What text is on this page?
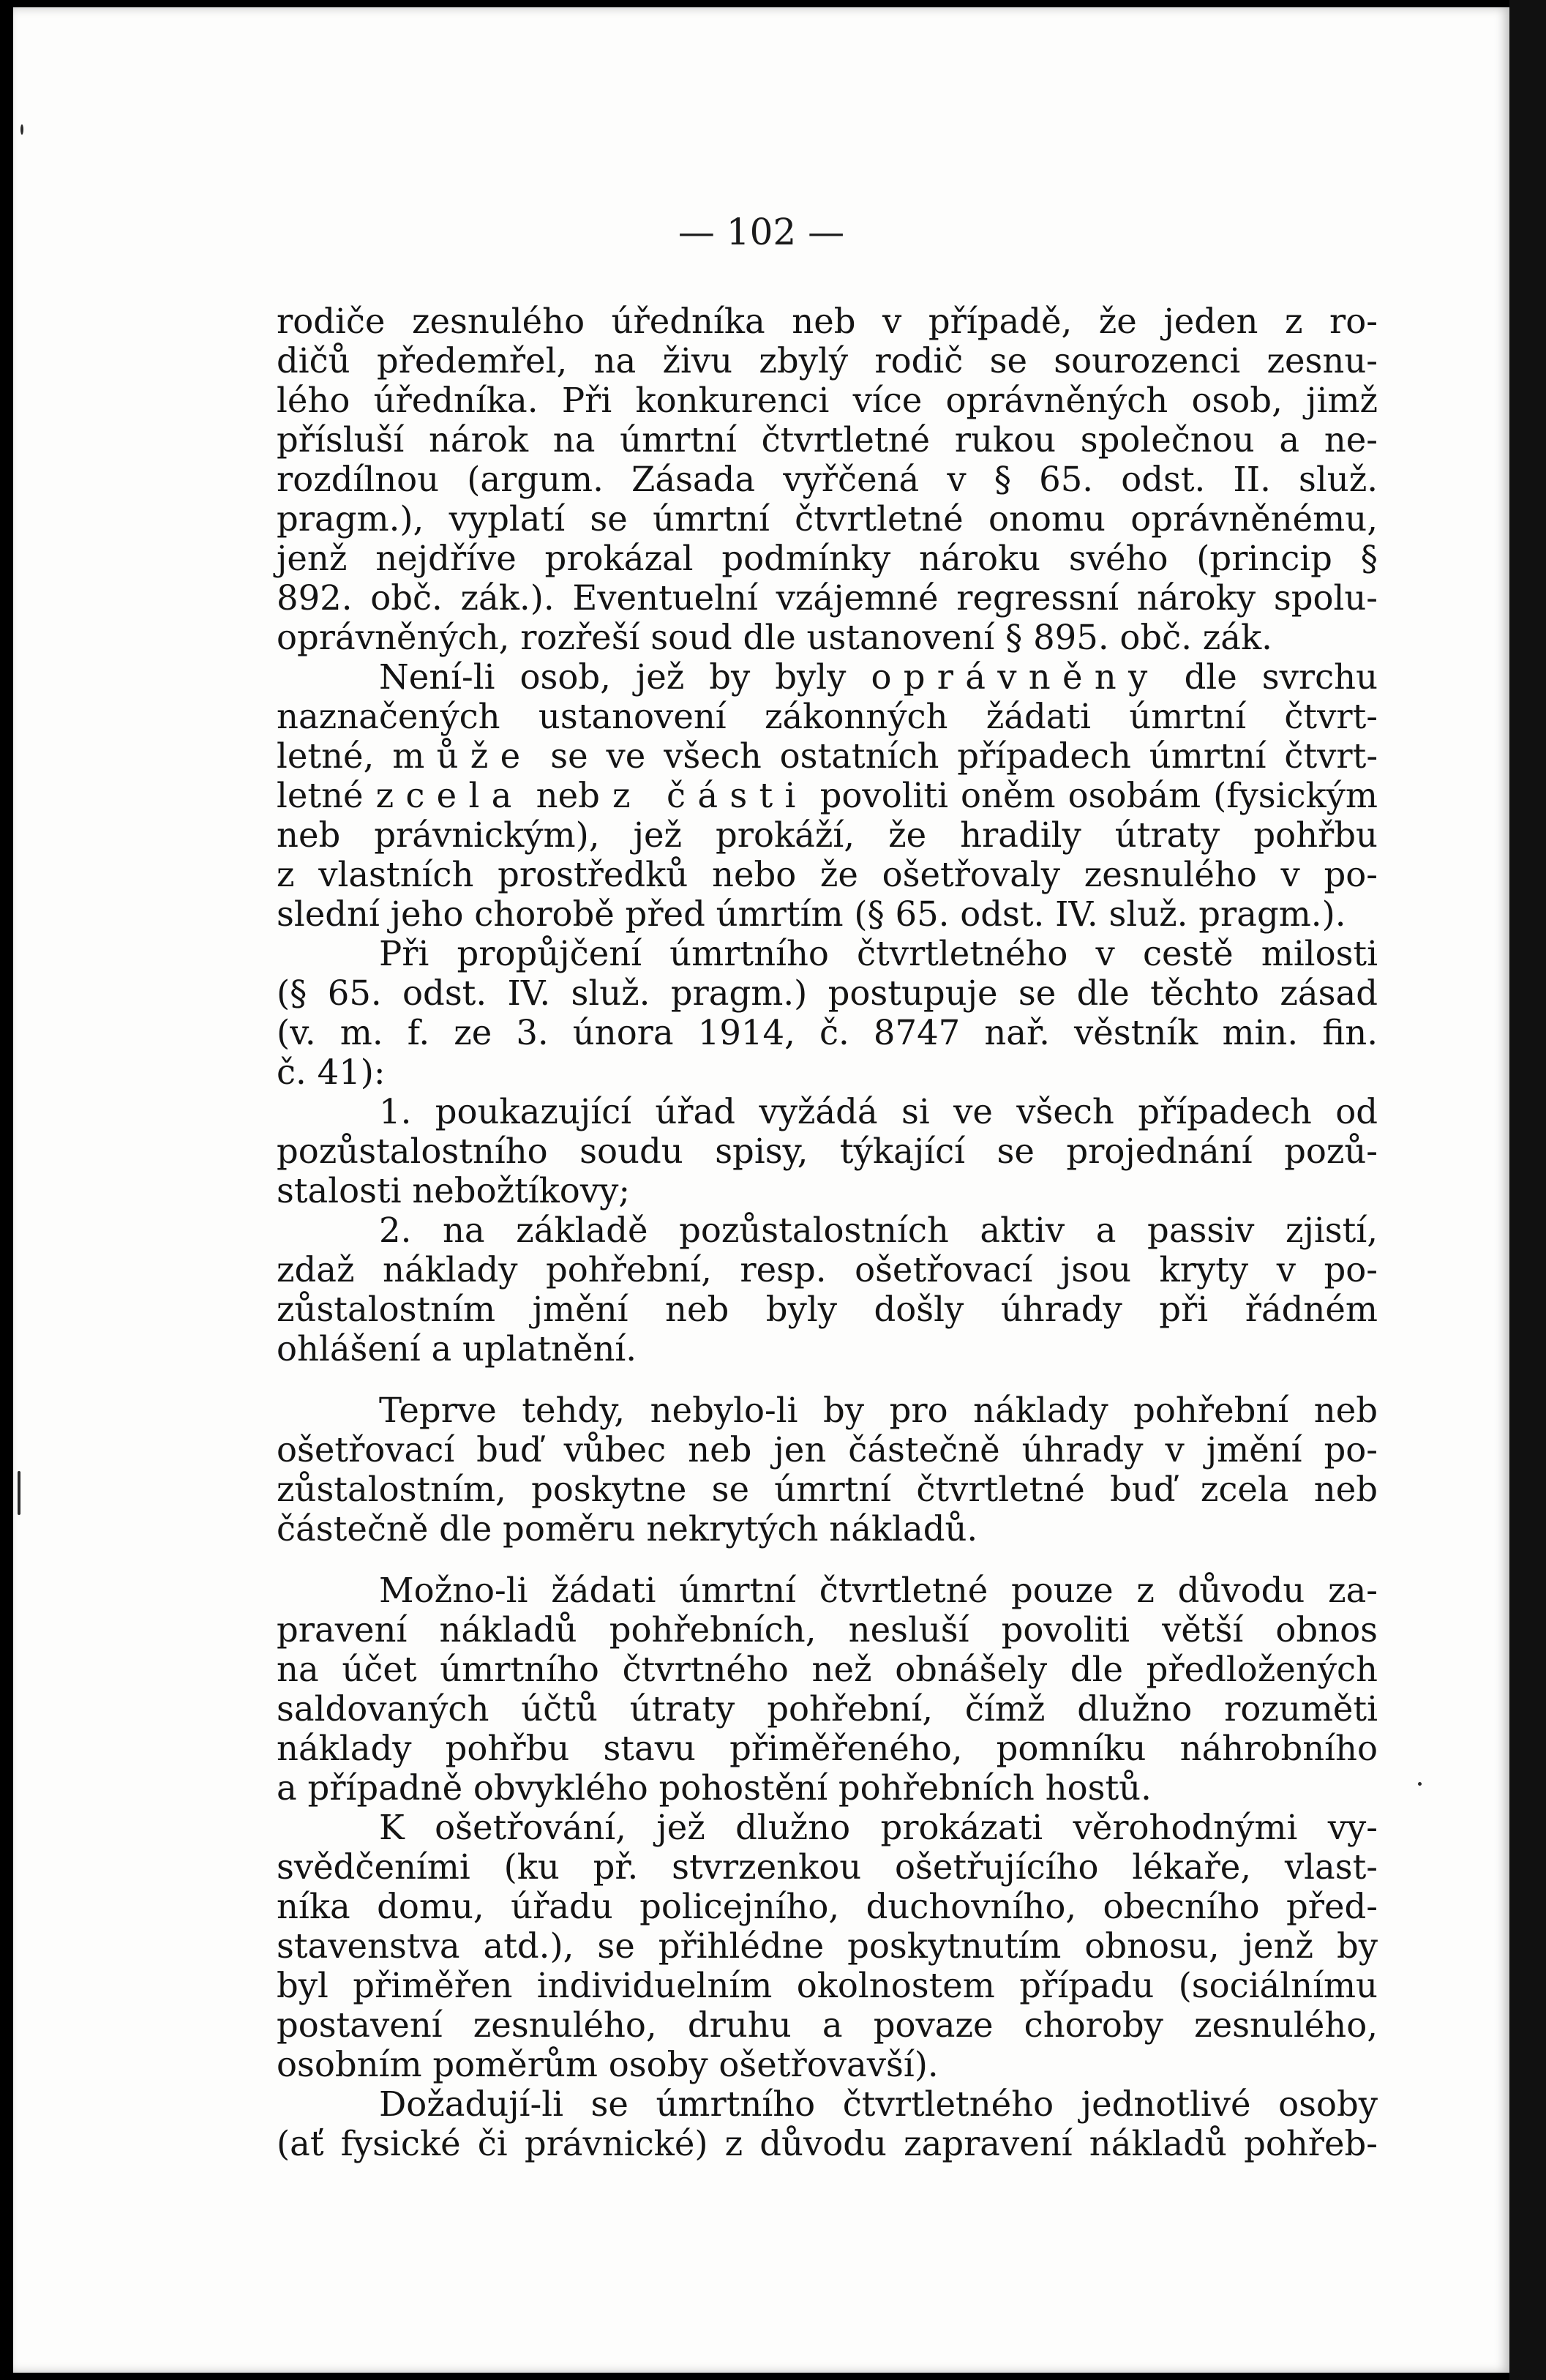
— 102 —

rodiče zesnulého úředníka neb v případě, že jeden z ro-
dičů předemřel, na živu zbylý rodič se sourozenci zesnu-
lého úředníka. Při konkurenci více oprávněných osob, jimž
přísluší nárok na úmrtní čtvrtletné rukou společnou a ne-
rozdílnou (argum. Zásada vyřčená v § 65. odst. II. služ.
pragm.), vyplatí se úmrtní čtvrtletné onomu oprávněnému,
jenž nejdříve prokázal podmínky nároku svého (princip §
892. obč. zák.). Eventuelní vzájemné regressní nároky spolu-
oprávněných, rozřeší soud dle ustanovení § 895. obč. zák.

Není-li osob, jež by byly oprávněny dle svrchu
naznačených ustanovení zákonných žádati úmrtní čtvrt-
letné, může se ve všech ostatních případech úmrtní čtvrt-
letné zcela neb z části povoliti oněm osobám (fysickým
neb právnickým), jež prokáží, že hradily útraty pohřbu
z vlastních prostředků nebo že ošetřovaly zesnulého v po-
slední jeho chorobě před úmrtím (§ 65. odst. IV. služ. pragm.).

Při propůjčení úmrtního čtvrtletného v cestě milosti
(§ 65. odst. IV. služ. pragm.) postupuje se dle těchto zásad
(v. m. f. ze 3. února 1914, č. 8747 nař. věstník min. fin.
č. 41):

1. poukazující úřad vyžádá si ve všech případech od
pozůstalostního soudu spisy, týkající se projednání pozů-
stalosti nebožtíkovy;

2. na základě pozůstalostních aktiv a passiv zjistí,
zdaž náklady pohřební, resp. ošetřovací jsou kryty v po-
zůstalostním jmění neb byly došly úhrady při řádném
ohlášení a uplatnění.

Teprve tehdy, nebylo-li by pro náklady pohřební neb
ošetřovací buď vůbec neb jen částečně úhrady v jmění po-
zůstalostním, poskytne se úmrtní čtvrtletné buď zcela neb
částečně dle poměru nekrytých nákladů.

Možno-li žádati úmrtní čtvrtletné pouze z důvodu za-
pravení nákladů pohřebních, nesluší povoliti větší obnos
na účet úmrtního čtvrtného než obnášely dle předložených
saldovaných účtů útraty pohřební, čímž dlužno rozuměti
náklady pohřbu stavu přiměřeného, pomníku náhrobního
a případně obvyklého pohostění pohřebních hostů.

K ošetřování, jež dlužno prokázati věrohodnými vy-
svědčeními (ku př. stvrzenkou ošetřujícího lékaře, vlast-
níka domu, úřadu policejního, duchovního, obecního před-
stavenstva atd.), se přihlédne poskytnutím obnosu, jenž by
byl přiměřen individuelním okolnostem případu (sociálnímu
postavení zesnulého, druhu a povaze choroby zesnulého,
osobním poměrům osoby ošetřovavší).

Dožadují-li se úmrtního čtvrtletného jednotlivé osoby
(ať fysické či právnické) z důvodu zapravení nákladů pohřeb-
